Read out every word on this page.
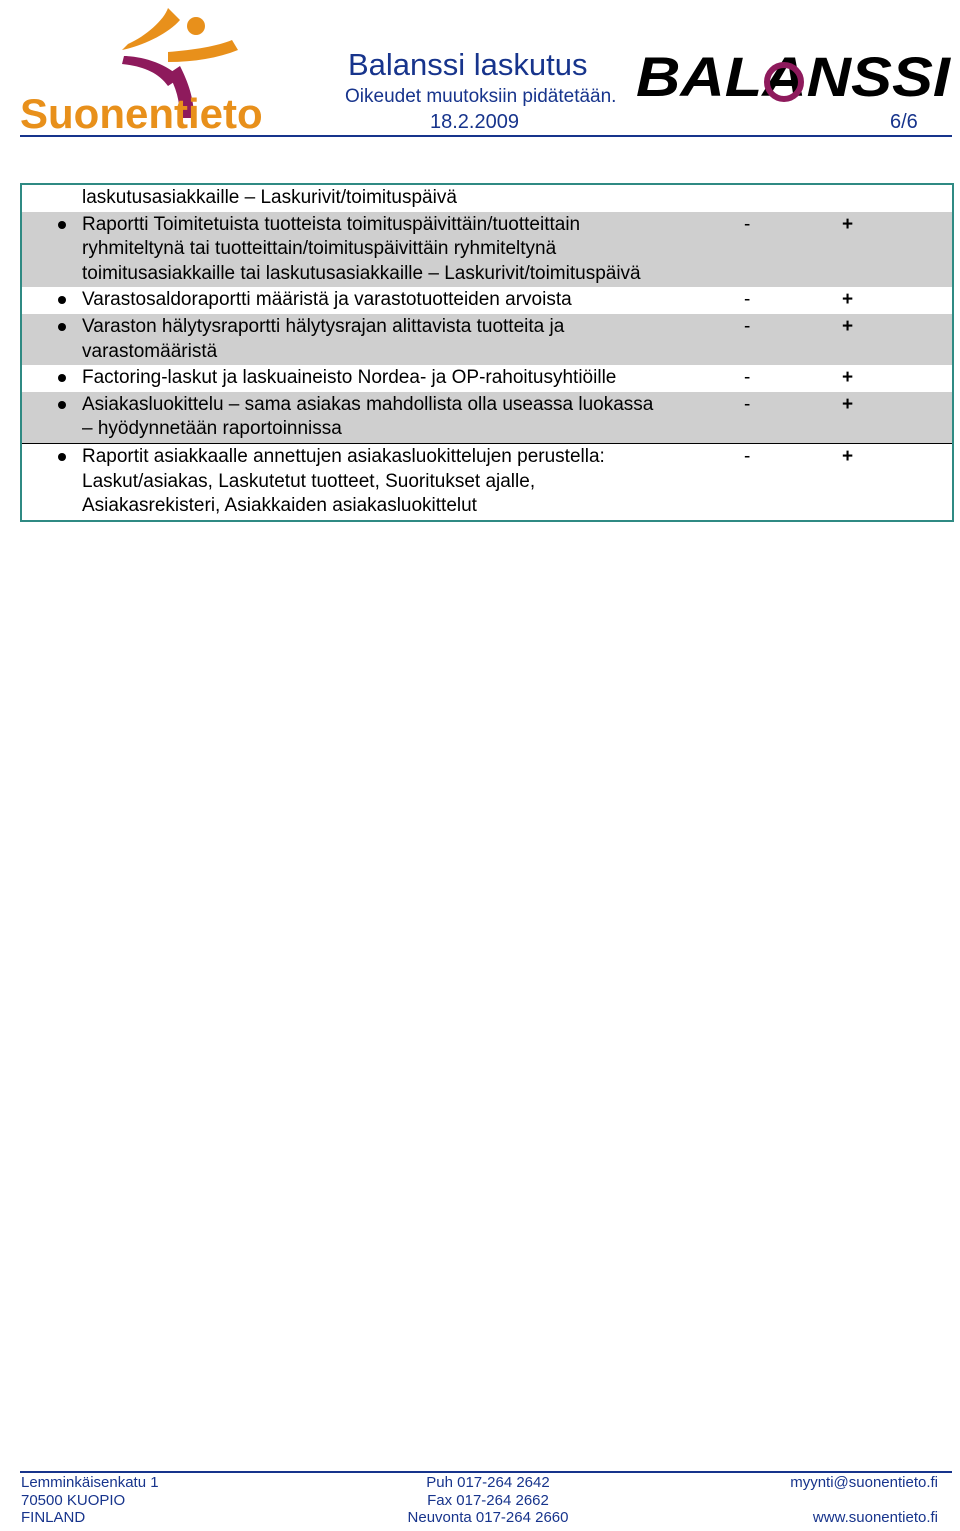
Suonentieto
Balanssi laskutus
Oikeudet muutoksiin pidätetään. BALANSSI
18.2.2009	6/6
laskutusasiakkaille – Laskurivit/toimituspäivä
Raportti Toimitetuista tuotteista toimituspäivittäin/tuotteittain
ryhmiteltynä tai tuotteittain/toimituspäivittäin ryhmiteltynä
toimitusasiakkaille tai laskutusasiakkaille – Laskurivit/toimituspäivä
-	+
Varastosaldoraportti määristä ja varastotuotteiden arvoista	-	+
Varaston hälytysraportti hälytysrajan alittavista tuotteita ja
varastomääristä
-	+
Factoring-laskut ja laskuaineisto Nordea- ja OP-rahoitusyhtiöille	-	+
Asiakasluokittelu – sama asiakas mahdollista olla useassa luokassa
– hyödynnetään raportoinnissa
-	+
Raportit asiakkaalle annettujen asiakasluokittelujen perustella:
Laskut/asiakas, Laskutetut tuotteet, Suoritukset ajalle,
Asiakasrekisteri, Asiakkaiden asiakasluokittelut
-	+
Lemminkäisenkatu 1
70500 KUOPIO
FINLAND
Puh 017-264 2642
Fax 017-264 2662
Neuvonta 017-264 2660
myynti@suonentieto.fi

www.suonentieto.fi
